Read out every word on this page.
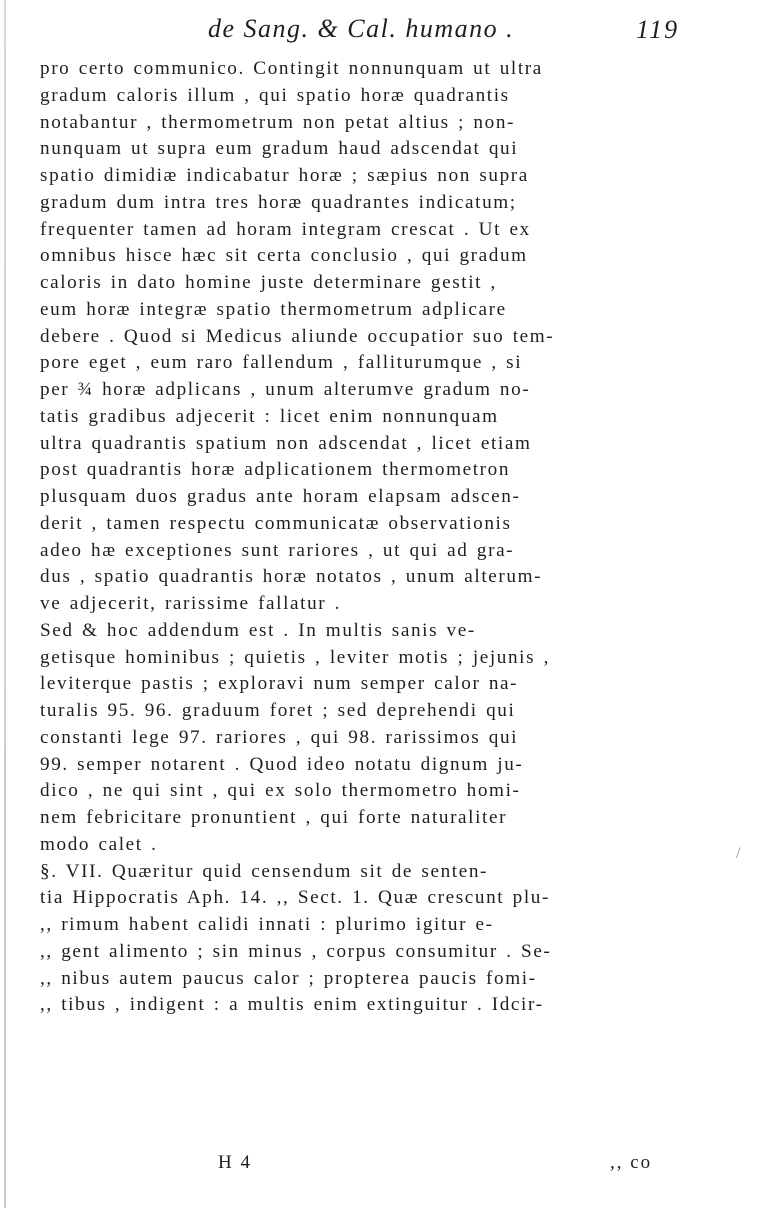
de Sang. & Cal. humano .	119
pro certo communico. Contingit nonnunquam ut ultra
gradum caloris illum , qui spatio horæ quadrantis
notabantur , thermometrum non petat altius ; non-
nunquam ut supra eum gradum haud adscendat qui
spatio dimidiæ indicabatur horæ ; sæpius non supra
gradum dum intra tres horæ quadrantes indicatum;
frequenter tamen ad horam integram crescat . Ut ex
omnibus hisce hæc sit certa conclusio , qui gradum
caloris in dato homine juste determinare gestit ,
eum horæ integræ spatio thermometrum adplicare
debere . Quod si Medicus aliunde occupatior suo tem-
pore eget , eum raro fallendum , falliturumque , si
per ¾ horæ adplicans , unum alterumve gradum no-
tatis gradibus adjecerit : licet enim nonnunquam
ultra quadrantis spatium non adscendat , licet etiam
post quadrantis horæ adplicationem thermometron
plusquam duos gradus ante horam elapsam adscen-
derit , tamen respectu communicatæ observationis
adeo hæ exceptiones sunt rariores , ut qui ad gra-
dus , spatio quadrantis horæ notatos , unum alterum-
ve adjecerit, rarissime fallatur .
Sed & hoc addendum est . In multis sanis ve-
getisque hominibus ; quietis , leviter motis ; jejunis ,
leviterque pastis ; exploravi num semper calor na-
turalis 95. 96. graduum foret ; sed deprehendi qui
constanti lege 97. rariores , qui 98. rarissimos qui
99. semper notarent . Quod ideo notatu dignum ju-
dico , ne qui sint , qui ex solo thermometro homi-
nem febricitare pronuntient , qui forte naturaliter
modo calet .
§. VII. Quæritur quid censendum sit de senten-
tia Hippocratis Aph. 14. ,, Sect. 1. Quæ crescunt plu-
,, rimum habent calidi innati : plurimo igitur e-
,, gent alimento ; sin minus , corpus consumitur . Se-
,, nibus autem paucus calor ; propterea paucis fomi-
,, tibus , indigent : a multis enim extinguitur . Idcir-
H 4	,, co
/
